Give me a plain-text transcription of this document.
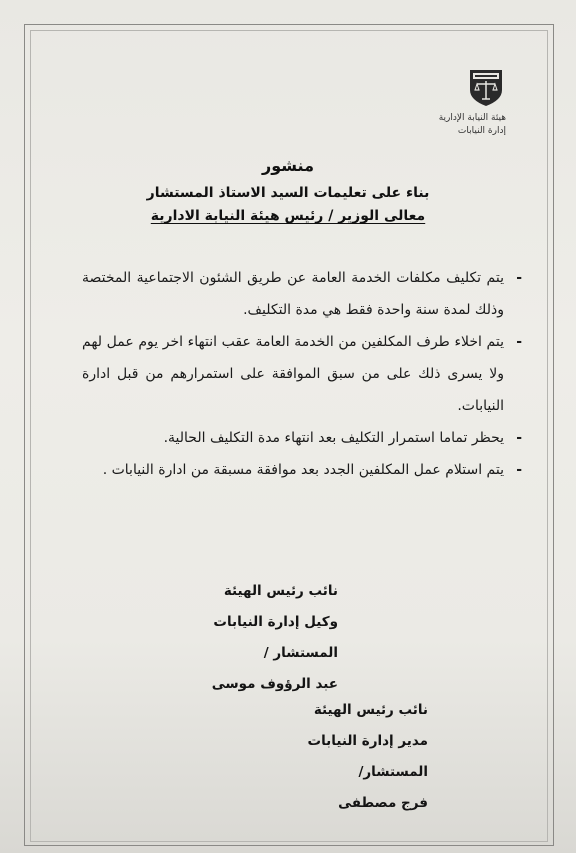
هيئة النيابة الإدارية
إدارة النيابات
منشور
بناء على تعليمات السيد الاستاذ المستشار
معالى الوزير / رئيس هيئة النيابة الادارية
-
يتم تكليف مكلفات الخدمة العامة عن طريق الشئون الاجتماعية المختصة وذلك لمدة سنة واحدة فقط هي مدة التكليف.
-
يتم اخلاء طرف المكلفين من الخدمة العامة عقب انتهاء اخر يوم عمل لهم ولا يسرى ذلك على من سبق الموافقة على استمرارهم من قبل ادارة النيابات.
-
يحظر تماما استمرار التكليف بعد انتهاء مدة التكليف الحالية.
-
يتم استلام عمل المكلفين الجدد بعد موافقة مسبقة من ادارة النيابات .
نائب رئيس الهيئة
وكيل إدارة النيابات
المستشار /
عبد الرؤوف موسى
نائب رئيس الهيئة
مدير إدارة النيابات
المستشار/
فرج مصطفى
